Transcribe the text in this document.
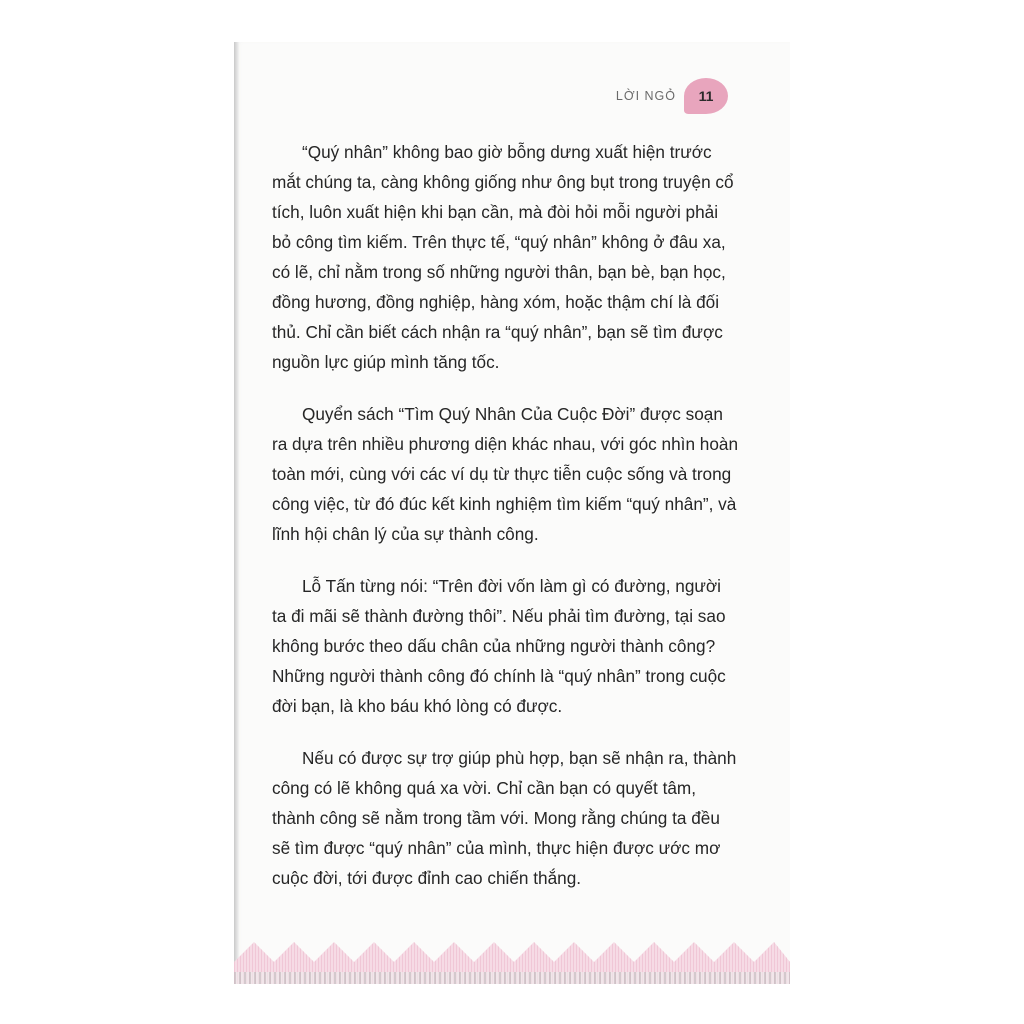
LỜI NGỎ	11

“Quý nhân” không bao giờ bỗng dưng xuất hiện trước mắt chúng ta, càng không giống như ông bụt trong truyện cổ tích, luôn xuất hiện khi bạn cần, mà đòi hỏi mỗi người phải bỏ công tìm kiếm. Trên thực tế, “quý nhân” không ở đâu xa, có lẽ, chỉ nằm trong số những người thân, bạn bè, bạn học, đồng hương, đồng nghiệp, hàng xóm, hoặc thậm chí là đối thủ. Chỉ cần biết cách nhận ra “quý nhân”, bạn sẽ tìm được nguồn lực giúp mình tăng tốc.

Quyển sách “Tìm Quý Nhân Của Cuộc Đời” được soạn ra dựa trên nhiều phương diện khác nhau, với góc nhìn hoàn toàn mới, cùng với các ví dụ từ thực tiễn cuộc sống và trong công việc, từ đó đúc kết kinh nghiệm tìm kiếm “quý nhân”, và lĩnh hội chân lý của sự thành công.

Lỗ Tấn từng nói: “Trên đời vốn làm gì có đường, người ta đi mãi sẽ thành đường thôi”. Nếu phải tìm đường, tại sao không bước theo dấu chân của những người thành công? Những người thành công đó chính là “quý nhân” trong cuộc đời bạn, là kho báu khó lòng có được.

Nếu có được sự trợ giúp phù hợp, bạn sẽ nhận ra, thành công có lẽ không quá xa vời. Chỉ cần bạn có quyết tâm, thành công sẽ nằm trong tầm với. Mong rằng chúng ta đều sẽ tìm được “quý nhân” của mình, thực hiện được ước mơ cuộc đời, tới được đỉnh cao chiến thắng.
